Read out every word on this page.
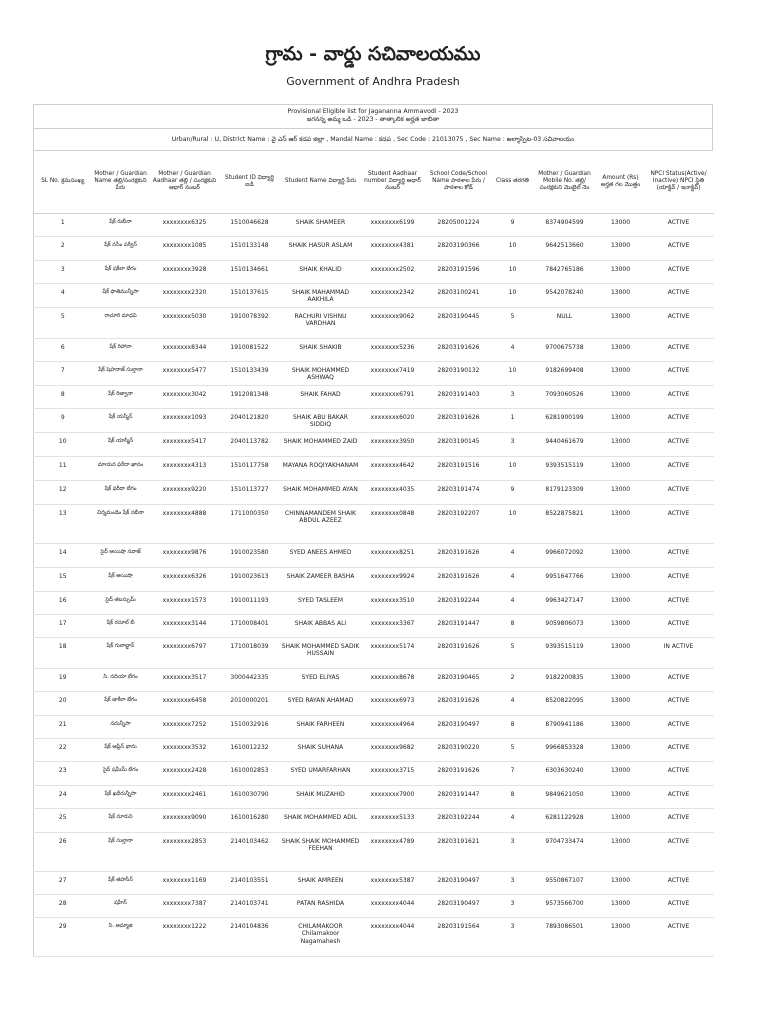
గ్రామ - వార్డు సచివాలయము
Government of Andhra Pradesh
Provisional Eligible list for Jagananna Ammavodi - 2023
జగనన్న అమ్మ ఒడి - 2023 - తాత్కాలిక అర్హత జాబితా
Urban/Rural : U, District Name : వై ఎస్ ఆర్ కడప జిల్లా , Mandal Name : కడప , Sec Code : 21013075 , Sec Name : అల్మాస్పేట-03 సచివాలయం
SL No. క్రమసంఖ్య	Mother / Guardian Name తల్లి/సంరక్షకుని పేరు	Mother / Guardian Aadhaar తల్లి / సంరక్షకుని ఆధార్ నంబర్	Student ID విద్యార్థి ఐడి	Student Name విద్యార్థి పేరు	Student Aadhaar number విద్యార్థి ఆధార్ నంబర్	School Code/School Name పాఠశాల పేరు / పాఠశాల కోడ్	Class తరగతి	Mother / Guardian Mobile No. తల్లి/ సంరక్షకుని మొబైల్ నెం	Amount (Rs) అర్హత గల మొత్తం	NPCI Status(Active/ Inactive) NPCI స్థితి (యాక్టివ్ / ఇనాక్టివ్)
1	షేక్ రుబీనా	xxxxxxxx6325	1510046628	SHAIK SHAMEER	xxxxxxxx6199	28205001224	9	8374904599	13000	ACTIVE
2	షేక్ నసీం పర్వీన్	xxxxxxxx1085	1510133148	SHAIK HASUR ASLAM	xxxxxxxx4381	28203190366	10	9642513660	13000	ACTIVE
3	షేక్ షకీలా బేగం	xxxxxxxx3928	1510134661	SHAIK KHALID	xxxxxxxx2502	28203191596	10	7842765186	13000	ACTIVE
4	షేక్ ఫాతిమున్నీసా	xxxxxxxx2320	1510137615	SHAIK MAHAMMAD AAKHILA	xxxxxxxx2342	28203100241	10	9542078240	13000	ACTIVE
5	రాచూరి మాధవి	xxxxxxxx5030	1910078392	RACHURI VISHNU VARDHAN	xxxxxxxx9062	28203190445	5	NULL	13000	ACTIVE
6	షేక్ రిహానా	xxxxxxxx8344	1910081522	SHAIK SHAKIB	xxxxxxxx5236	28203191626	4	9700675738	13000	ACTIVE
7	షేక్ షెహనాజ్ సుల్తానా	xxxxxxxx5477	1510133439	SHAIK MOHAMMED ASHWAQ	xxxxxxxx7419	28203190132	10	9182699408	13000	ACTIVE
8	షేక్ రిజ్వానా	xxxxxxxx3042	1912081348	SHAIK FAHAD	xxxxxxxx6791	28203191403	3	7093060526	13000	ACTIVE
9	షేక్ యస్మీన్	xxxxxxxx1093	2040121820	SHAIK ABU BAKAR SIDDIQ	xxxxxxxx6020	28203191626	1	6281900199	13000	ACTIVE
10	షేక్ యాస్మీన్	xxxxxxxx5417	2040113782	SHAIK MOHAMMED ZAID	xxxxxxxx3950	28203190145	3	9440461679	13000	ACTIVE
11	మాయన ఫరీదా ఖానం	xxxxxxxx4313	1510117758	MAYANA ROQIYAKHANAM	xxxxxxxx4642	28203191516	10	9393515119	13000	ACTIVE
12	షేక్ ఫరీదా బేగం	xxxxxxxx9220	1510113727	SHAIK MOHAMMED AYAN	xxxxxxxx4035	28203191474	9	8179123309	13000	ACTIVE
13	చిన్నమండెం షేక్ సబీనా	xxxxxxxx4888	1711000350	CHINNAMANDEM SHAIK ABDUL AZEEZ	xxxxxxxx0848	28203192207	10	8522875821	13000	ACTIVE
14	సైద్ ఆయిషా నవాజ్	xxxxxxxx9876	1910023580	SYED ANEES AHMED	xxxxxxxx8251	28203191626	4	9966072092	13000	ACTIVE
15	షేక్ ఆయిషా	xxxxxxxx6326	1910023613	SHAIK ZAMEER BASHA	xxxxxxxx9924	28203191626	4	9951647766	13000	ACTIVE
16	సైద్ తబస్సుమ్	xxxxxxxx1573	1910011193	SYED TASLEEM	xxxxxxxx3510	28203192244	4	9963427147	13000	ACTIVE
17	షేక్ రసూల్ బీ	xxxxxxxx3144	1710008401	SHAIK ABBAS ALI	xxxxxxxx3367	28203191447	8	9059806073	13000	ACTIVE
18	షేక్ గులాబ్జాన్	xxxxxxxx6797	1710018039	SHAIK MOHAMMED SADIK HUSSAIN	xxxxxxxx5174	28203191626	5	9393515119	13000	IN ACTIVE
19	సి. నదియా బేగం	xxxxxxxx3517	3000442335	SYED ELIYAS	xxxxxxxx8678	28203190465	2	9182200835	13000	ACTIVE
20	షేక్ జాకీరా బేగం	xxxxxxxx6458	2010000201	SYED RAYAN AHAMAD	xxxxxxxx6973	28203191626	4	8520822095	13000	ACTIVE
21	నదున్నీసా	xxxxxxxx7252	1510032916	SHAIK FARHEEN	xxxxxxxx4964	28203190497	8	8790941186	13000	ACTIVE
22	షేక్ ఆఫ్రీన్ భాను	xxxxxxxx3532	1610012232	SHAIK SUHANA	xxxxxxxx9682	28203190220	5	9966853328	13000	ACTIVE
23	సైద్ షమీమ్ బేగం	xxxxxxxx2428	1610002853	SYED UMARFARHAN	xxxxxxxx3715	28203191626	7	6303630240	13000	ACTIVE
24	షేక్ ఖదీరున్నీసా	xxxxxxxx2461	1610030790	SHAIK MUZAHID	xxxxxxxx7900	28203191447	8	9849621050	13000	ACTIVE
25	షేక్ నూరుని	xxxxxxxx9090	1610016280	SHAIK MOHAMMED ADIL	xxxxxxxx5133	28203192244	4	6281122928	13000	ACTIVE
26	షేక్ సుల్తానా	xxxxxxxx2853	2140103462	SHAIK SHAIK MOHAMMED FEEHAN	xxxxxxxx4789	28203191621	3	9704733474	13000	ACTIVE
27	షేక్ తహసీన్	xxxxxxxx1169	2140103551	SHAIK AMREEN	xxxxxxxx5387	28203190497	3	9550867107	13000	ACTIVE
28	షహీన్	xxxxxxxx7387	2140103741	PATAN RASHIDA	xxxxxxxx4044	28203190497	3	9573566700	13000	ACTIVE
29	సి. అమ్మాజి	xxxxxxxx1222	2140104836	CHILAMAKOOR Chilamakoor Nagamahesh	xxxxxxxx4044	28203191564	3	7893086501	13000	ACTIVE
